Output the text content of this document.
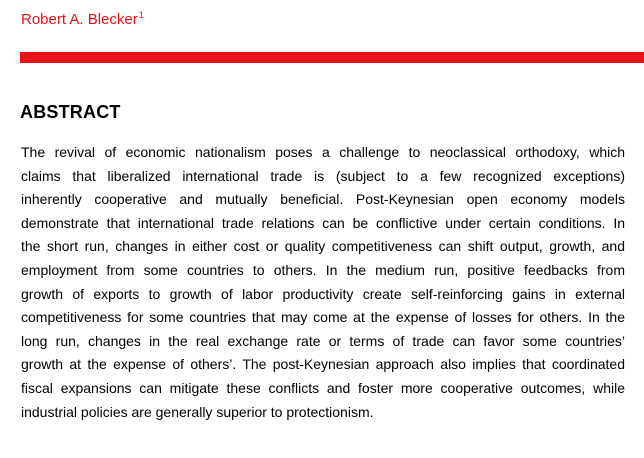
Robert A. Blecker$^1$
ABSTRACT
The revival of economic nationalism poses a challenge to neoclassical orthodoxy, which
claims that liberalized international trade is (subject to a few recognized exceptions)
inherently cooperative and mutually beneficial. Post-Keynesian open economy models
demonstrate that international trade relations can be conflictive under certain conditions. In
the short run, changes in either cost or quality competitiveness can shift output, growth, and
employment from some countries to others. In the medium run, positive feedbacks from
growth of exports to growth of labor productivity create self-reinforcing gains in external
competitiveness for some countries that may come at the expense of losses for others. In the
long run, changes in the real exchange rate or terms of trade can favor some countries’
growth at the expense of others’. The post-Keynesian approach also implies that coordinated
fiscal expansions can mitigate these conflicts and foster more cooperative outcomes, while
industrial policies are generally superior to protectionism.
